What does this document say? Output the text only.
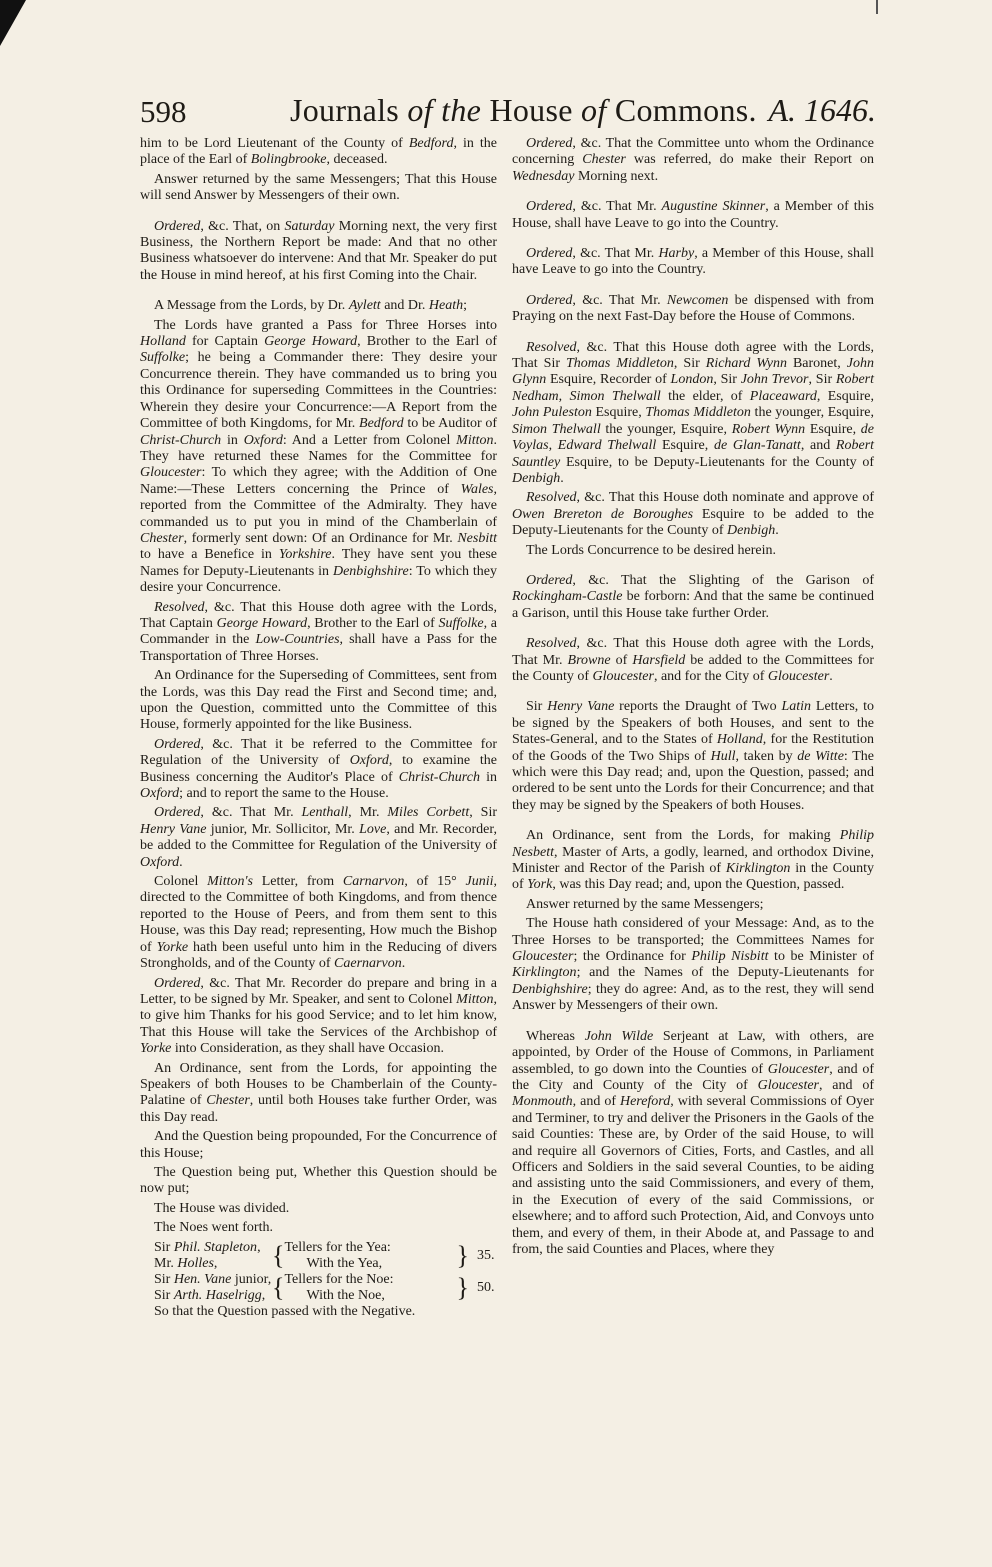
598	Journals of the House of Commons. A. 1646.

him to be Lord Lieutenant of the County of Bedford, in the place of the Earl of Bolingbrooke, deceased.

Answer returned by the same Messengers; That this House will send Answer by Messengers of their own.

Ordered, &c. That, on Saturday Morning next, the very first Business, the Northern Report be made: And that no other Business whatsoever do intervene: And that Mr. Speaker do put the House in mind hereof, at his first Coming into the Chair.

A Message from the Lords, by Dr. Aylett and Dr. Heath;

The Lords have granted a Pass for Three Horses into Holland for Captain George Howard, Brother to the Earl of Suffolke; he being a Commander there: They desire your Concurrence therein. They have commanded us to bring you this Ordinance for superseding Committees in the Countries: Wherein they desire your Concurrence:—A Report from the Committee of both Kingdoms, for Mr. Bedford to be Auditor of Christ-Church in Oxford: And a Letter from Colonel Mitton. They have returned these Names for the Committee for Gloucester: To which they agree; with the Addition of One Name:—These Letters concerning the Prince of Wales, reported from the Committee of the Admiralty. They have commanded us to put you in mind of the Chamberlain of Chester, formerly sent down: Of an Ordinance for Mr. Nesbitt to have a Benefice in Yorkshire. They have sent you these Names for Deputy-Lieutenants in Denbighshire: To which they desire your Concurrence.

Resolved, &c. That this House doth agree with the Lords, That Captain George Howard, Brother to the Earl of Suffolke, a Commander in the Low-Countries, shall have a Pass for the Transportation of Three Horses.

An Ordinance for the Superseding of Committees, sent from the Lords, was this Day read the First and Second time; and, upon the Question, committed unto the Committee of this House, formerly appointed for the like Business.

Ordered, &c. That it be referred to the Committee for Regulation of the University of Oxford, to examine the Business concerning the Auditor's Place of Christ-Church in Oxford; and to report the same to the House.

Ordered, &c. That Mr. Lenthall, Mr. Miles Corbett, Sir Henry Vane junior, Mr. Sollicitor, Mr. Love, and Mr. Recorder, be added to the Committee for Regulation of the University of Oxford.

Colonel Mitton's Letter, from Carnarvon, of 15° Junii, directed to the Committee of both Kingdoms, and from thence reported to the House of Peers, and from them sent to this House, was this Day read; representing, How much the Bishop of Yorke hath been useful unto him in the Reducing of divers Strongholds, and of the County of Caernarvon.

Ordered, &c. That Mr. Recorder do prepare and bring in a Letter, to be signed by Mr. Speaker, and sent to Colonel Mitton, to give him Thanks for his good Service; and to let him know, That this House will take the Services of the Archbishop of Yorke into Consideration, as they shall have Occasion.

An Ordinance, sent from the Lords, for appointing the Speakers of both Houses to be Chamberlain of the County-Palatine of Chester, until both Houses take further Order, was this Day read.

And the Question being propounded, For the Concurrence of this House;

The Question being put, Whether this Question should be now put;

The House was divided.

The Noes went forth.

Sir Phil. Stapleton,	{	Tellers for the Yea:	}	35.
Mr. Holles,		With the Yea,		
Sir Hen. Vane junior,	{	Tellers for the Noe:	}	50.
Sir Arth. Haselrigg,		With the Noe,		

So that the Question passed with the Negative.

Ordered, &c. That the Committee unto whom the Ordinance concerning Chester was referred, do make their Report on Wednesday Morning next.

Ordered, &c. That Mr. Augustine Skinner, a Member of this House, shall have Leave to go into the Country.

Ordered, &c. That Mr. Harby, a Member of this House, shall have Leave to go into the Country.

Ordered, &c. That Mr. Newcomen be dispensed with from Praying on the next Fast-Day before the House of Commons.

Resolved, &c. That this House doth agree with the Lords, That Sir Thomas Middleton, Sir Richard Wynn Baronet, John Glynn Esquire, Recorder of London, Sir John Trevor, Sir Robert Nedham, Simon Thelwall the elder, of Placeaward, Esquire, John Puleston Esquire, Thomas Middleton the younger, Esquire, Simon Thelwall the younger, Esquire, Robert Wynn Esquire, de Voylas, Edward Thelwall Esquire, de Glan-Tanatt, and Robert Sauntley Esquire, to be Deputy-Lieutenants for the County of Denbigh.

Resolved, &c. That this House doth nominate and approve of Owen Brereton de Boroughes Esquire to be added to the Deputy-Lieutenants for the County of Denbigh.

The Lords Concurrence to be desired herein.

Ordered, &c. That the Slighting of the Garison of Rockingham-Castle be forborn: And that the same be continued a Garison, until this House take further Order.

Resolved, &c. That this House doth agree with the Lords, That Mr. Browne of Harsfield be added to the Committees for the County of Gloucester, and for the City of Gloucester.

Sir Henry Vane reports the Draught of Two Latin Letters, to be signed by the Speakers of both Houses, and sent to the States-General, and to the States of Holland, for the Restitution of the Goods of the Two Ships of Hull, taken by de Witte: The which were this Day read; and, upon the Question, passed; and ordered to be sent unto the Lords for their Concurrence; and that they may be signed by the Speakers of both Houses.

An Ordinance, sent from the Lords, for making Philip Nesbett, Master of Arts, a godly, learned, and orthodox Divine, Minister and Rector of the Parish of Kirklington in the County of York, was this Day read; and, upon the Question, passed.

Answer returned by the same Messengers;

The House hath considered of your Message: And, as to the Three Horses to be transported; the Committees Names for Gloucester; the Ordinance for Philip Nisbitt to be Minister of Kirklington; and the Names of the Deputy-Lieutenants for Denbighshire; they do agree: And, as to the rest, they will send Answer by Messengers of their own.

Whereas John Wilde Serjeant at Law, with others, are appointed, by Order of the House of Commons, in Parliament assembled, to go down into the Counties of Gloucester, and of the City and County of the City of Gloucester, and of Monmouth, and of Hereford, with several Commissions of Oyer and Terminer, to try and deliver the Prisoners in the Gaols of the said Counties: These are, by Order of the said House, to will and require all Governors of Cities, Forts, and Castles, and all Officers and Soldiers in the said several Counties, to be aiding and assisting unto the said Commissioners, and every of them, in the Execution of every of the said Commissions, or elsewhere; and to afford such Protection, Aid, and Convoys unto them, and every of them, in their Abode at, and Passage to and from, the said Counties and Places, where they
